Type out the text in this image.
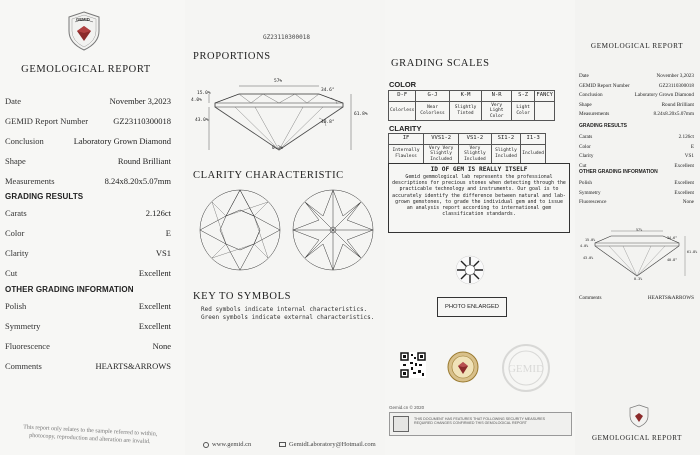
GEMID
GEMOLOGICAL REPORT
Date	November 3,2023
GEMID Report Number	GZ23110300018
Conclusion	Laboratory Grown Diamond
Shape	Round Brilliant
Measurements	8.24x8.20x5.07mm
GRADING RESULTS
Carats	2.126ct
Color	E
Clarity	VS1
Cut	Excellent
OTHER GRADING INFORMATION
Polish	Excellent
Symmetry	Excellent
Fluorescence	None
Comments	HEARTS&ARROWS
This report only relates to the sample referred to within, photocopy, reproduction and alteration are invalid.
GZ23110300018
PROPORTIONS
57%
15.0%
4.0%
43.0%
34.6°
61.8%
40.8°
0.3%
CLARITY CHARACTERISTIC
KEY TO SYMBOLS
Red symbols indicate internal characteristics.
Green symbols indicate external characteristics.
www.gemid.cn	GemidLaboratory@Hotmail.com
GRADING SCALES
COLOR
D-F	G-J	K-M	N-R	S-Z	FANCY
Colorless	Near Colorless	Slightly Tinted	Very Light Color	Light Color	
CLARITY
IF	VVS1-2	VS1-2	SI1-2	I1-3
Internally Flawless	Very Very Slightly Included	Very Slightly Included	Slightly Included	Included
ID OF GEM IS REALLY ITSELF
Gemid gemmological lab represents the professional descriptions for precious stones when detecting through the practicable technology and instruments. Our goal is to accurately identify the difference between natural and lab-grown gemstones, to grade the individual gem and to issue an analysis report according to international gem classification standards.
PHOTO ENLARGED
GEMID
Gemid.cn © 2020
THIS DOCUMENT HAS FEATURES THAT FOLLOWING SECURITY MEASURES REQUIRED CHANGES CONFIRMED THIS GEMOLOGICAL REPORT
GEMOLOGICAL REPORT
Date	November 3,2023
GEMID Report Number	GZ23110300018
Conclusion	Laboratory Grown Diamond
Shape	Round Brilliant
Measurements	8.24x8.20x5.07mm
GRADING RESULTS
Carats	2.126ct
Color	E
Clarity	VS1
Cut	Excellent
OTHER GRADING INFORMATION
Polish	Excellent
Symmetry	Excellent
Fluorescence	None
57%
15.0%
4.0%
43.0%
34.6°
61.8%
40.8°
0.3%
Comments	HEARTS&ARROWS
GEMOLOGICAL REPORT
